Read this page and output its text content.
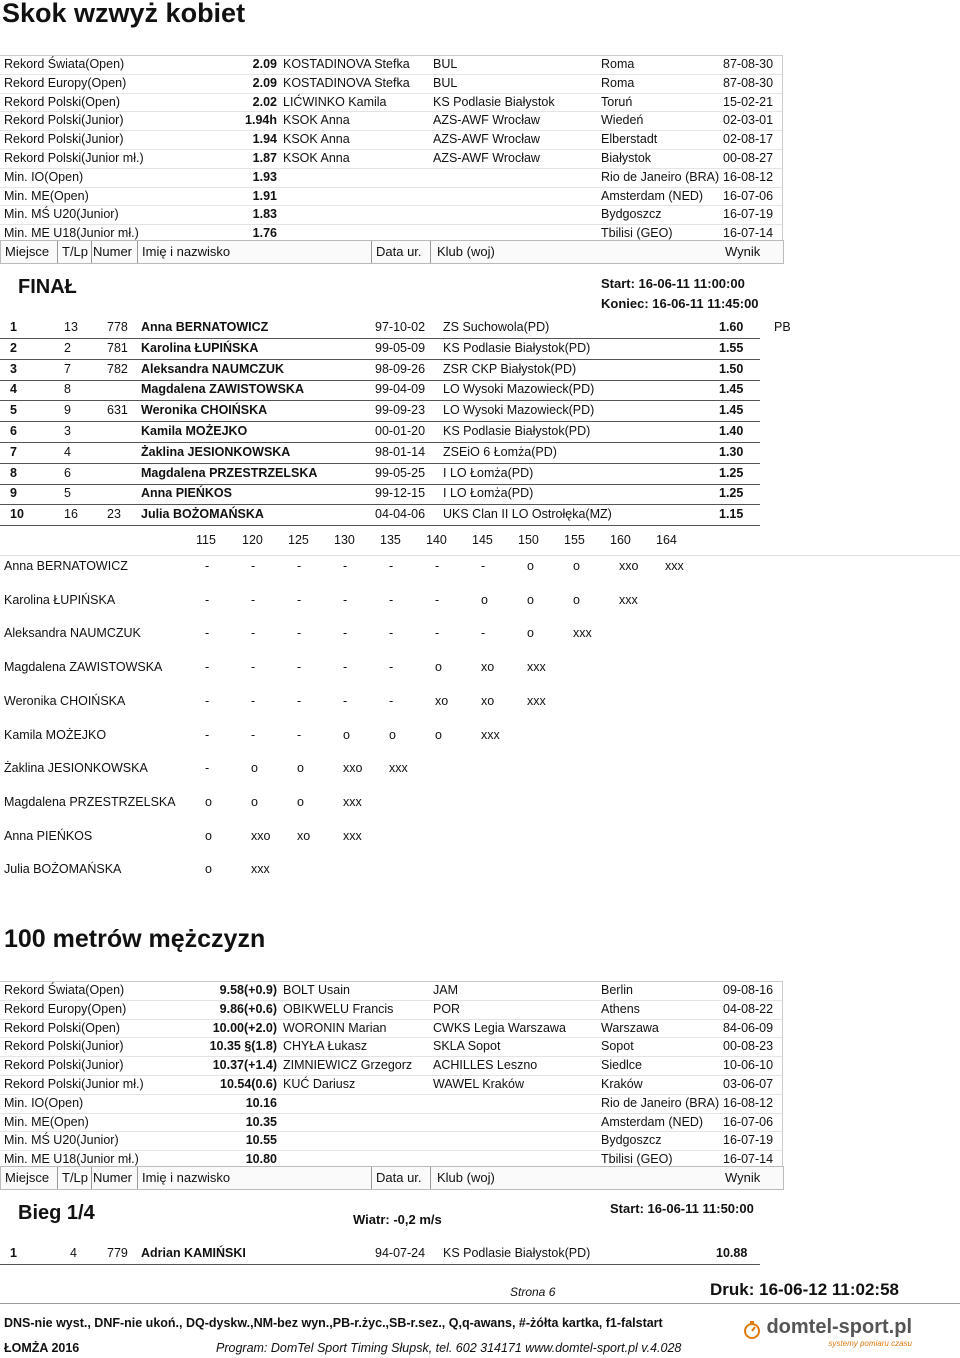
Skok wzwyż kobiet
Rekord Świata(Open)	2.09 KOSTADINOVA Stefka BUL	Roma	87-08-30
Rekord Europy(Open)	2.09 KOSTADINOVA Stefka BUL	Roma	87-08-30
Rekord Polski(Open)	2.02 LIĆWINKO Kamila	KS Podlasie Białystok	Toruń	15-02-21
Rekord Polski(Junior)	1.94h KSOK Anna	AZS-AWF Wrocław	Wiedeń	02-03-01
Rekord Polski(Junior)	1.94 KSOK Anna	AZS-AWF Wrocław	Elberstadt	02-08-17
Rekord Polski(Junior mł.)	1.87 KSOK Anna	AZS-AWF Wrocław	Białystok	00-08-27
Min. IO(Open)	1.93	Rio de Janeiro (BRA) 16-08-12
Min. ME(Open)	1.91	Amsterdam (NED) 16-07-06
Min. MŚ U20(Junior)	1.83	Bydgoszcz	16-07-19
Min. ME U18(Junior mł.)	1.76	Tbilisi (GEO)	16-07-14
Miejsce T/Lp Numer Imię i nazwisko	Data ur. Klub (woj)	Wynik
FINAŁ	Start: 16-06-11 11:00:00
Koniec: 16-06-11 11:45:00
1	13 778 Anna BERNATOWICZ	97-10-02 ZS Suchowola(PD)	1.60 PB
2	2	781 Karolina ŁUPIŃSKA	99-05-09 KS Podlasie Białystok(PD)	1.55
3	7	782 Aleksandra NAUMCZUK	98-09-26 ZSR CKP Białystok(PD)	1.50
4	8	Magdalena ZAWISTOWSKA	99-04-09 LO Wysoki Mazowieck(PD)	1.45
5	9	631 Weronika CHOIŃSKA	99-09-23 LO Wysoki Mazowieck(PD)	1.45
6	3	Kamila MOŻEJKO	00-01-20 KS Podlasie Białystok(PD)	1.40
7	4	Żaklina JESIONKOWSKA	98-01-14 ZSEiO 6 Łomża(PD)	1.30
8	6	Magdalena PRZESTRZELSKA	99-05-25 I LO Łomża(PD)	1.25
9	5	Anna PIEŃKOS	99-12-15 I LO Łomża(PD)	1.25
10	16 23 Julia BOŻOMAŃSKA	04-04-06 UKS Clan II LO Ostrołęka(MZ)	1.15
115 120 125 130 135 140 145 150 155 160 164
Anna BERNATOWICZ	-	-	-	-	-	-	-	o	o	xxo xxx
Karolina ŁUPIŃSKA	-	-	-	-	-	-	o	o	o	xxx
Aleksandra NAUMCZUK	-	-	-	-	-	-	-	o	xxx
Magdalena ZAWISTOWSKA	-	-	-	-	-	o	xo	xxx
Weronika CHOIŃSKA	-	-	-	-	-	xo	xo	xxx
Kamila MOŻEJKO	-	-	-	o	o	o	xxx
Żaklina JESIONKOWSKA	-	o	o	xxo xxx
Magdalena PRZESTRZELSKA o	o	o	xxx
Anna PIEŃKOS	o	xxo xo	xxx
Julia BOŻOMAŃSKA	o	xxx
100 metrów mężczyzn
Rekord Świata(Open)	9.58(+0.9) BOLT Usain	JAM	Berlin	09-08-16
Rekord Europy(Open)	9.86(+0.6) OBIKWELU Francis	POR	Athens	04-08-22
Rekord Polski(Open)	10.00(+2.0) WORONIN Marian	CWKS Legia Warszawa	Warszawa	84-06-09
Rekord Polski(Junior)	10.35 §(1.8) CHYŁA Łukasz	SKLA Sopot	Sopot	00-08-23
Rekord Polski(Junior)	10.37(+1.4) ZIMNIEWICZ Grzegorz ACHILLES Leszno	Siedlce	10-06-10
Rekord Polski(Junior mł.)	10.54(0.6) KUĆ Dariusz	WAWEL Kraków	Kraków	03-06-07
Min. IO(Open)	10.16	Rio de Janeiro (BRA) 16-08-12
Min. ME(Open)	10.35	Amsterdam (NED) 16-07-06
Min. MŚ U20(Junior)	10.55	Bydgoszcz	16-07-19
Min. ME U18(Junior mł.)	10.80	Tbilisi (GEO)	16-07-14
Miejsce T/Lp Numer Imię i nazwisko	Data ur. Klub (woj)	Wynik
Bieg 1/4	Wiatr: -0,2 m/s
Start: 16-06-11 11:50:00
1	4 779 Adrian KAMIŃSKI	94-07-24 KS Podlasie Białystok(PD)	10.88
Strona 6	Druk: 16-06-12 11:02:58
DNS-nie wyst., DNF-nie ukoń., DQ-dyskw.,NM-bez wyn.,PB-r.życ.,SB-r.sez., Q,q-awans, #-żółta kartka, f1-falstart
ŁOMŻA 2016	Program: DomTel Sport Timing Słupsk, tel. 602 314171 www.domtel-sport.pl v.4.028
domtel-sport.pl
systemy pomiaru czasu
